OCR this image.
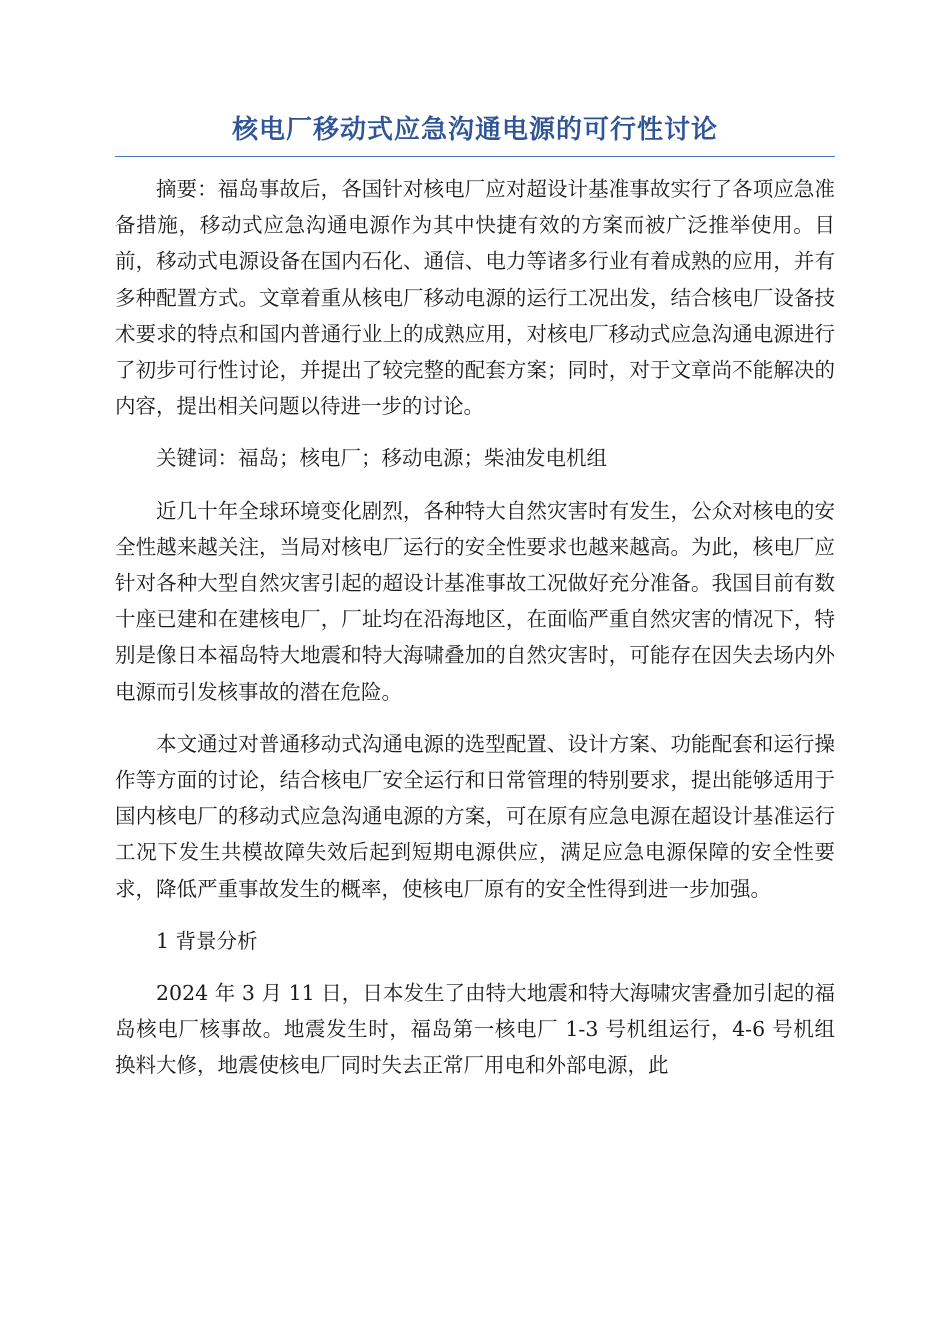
核电厂移动式应急沟通电源的可行性讨论

摘要：福岛事故后，各国针对核电厂应对超设计基准事故实行了各项应急准备措施，移动式应急沟通电源作为其中快捷有效的方案而被广泛推举使用。目前，移动式电源设备在国内石化、通信、电力等诸多行业有着成熟的应用，并有多种配置方式。文章着重从核电厂移动电源的运行工况出发，结合核电厂设备技术要求的特点和国内普通行业上的成熟应用，对核电厂移动式应急沟通电源进行了初步可行性讨论，并提出了较完整的配套方案；同时，对于文章尚不能解决的内容，提出相关问题以待进一步的讨论。

关键词：福岛；核电厂；移动电源；柴油发电机组

近几十年全球环境变化剧烈，各种特大自然灾害时有发生，公众对核电的安全性越来越关注，当局对核电厂运行的安全性要求也越来越高。为此，核电厂应针对各种大型自然灾害引起的超设计基准事故工况做好充分准备。我国目前有数十座已建和在建核电厂，厂址均在沿海地区，在面临严重自然灾害的情况下，特别是像日本福岛特大地震和特大海啸叠加的自然灾害时，可能存在因失去场内外电源而引发核事故的潜在危险。

本文通过对普通移动式沟通电源的选型配置、设计方案、功能配套和运行操作等方面的讨论，结合核电厂安全运行和日常管理的特别要求，提出能够适用于国内核电厂的移动式应急沟通电源的方案，可在原有应急电源在超设计基准运行工况下发生共模故障失效后起到短期电源供应，满足应急电源保障的安全性要求，降低严重事故发生的概率，使核电厂原有的安全性得到进一步加强。

1 背景分析

2024 年 3 月 11 日，日本发生了由特大地震和特大海啸灾害叠加引起的福岛核电厂核事故。地震发生时，福岛第一核电厂 1-3 号机组运行，4-6 号机组换料大修，地震使核电厂同时失去正常厂用电和外部电源，此
